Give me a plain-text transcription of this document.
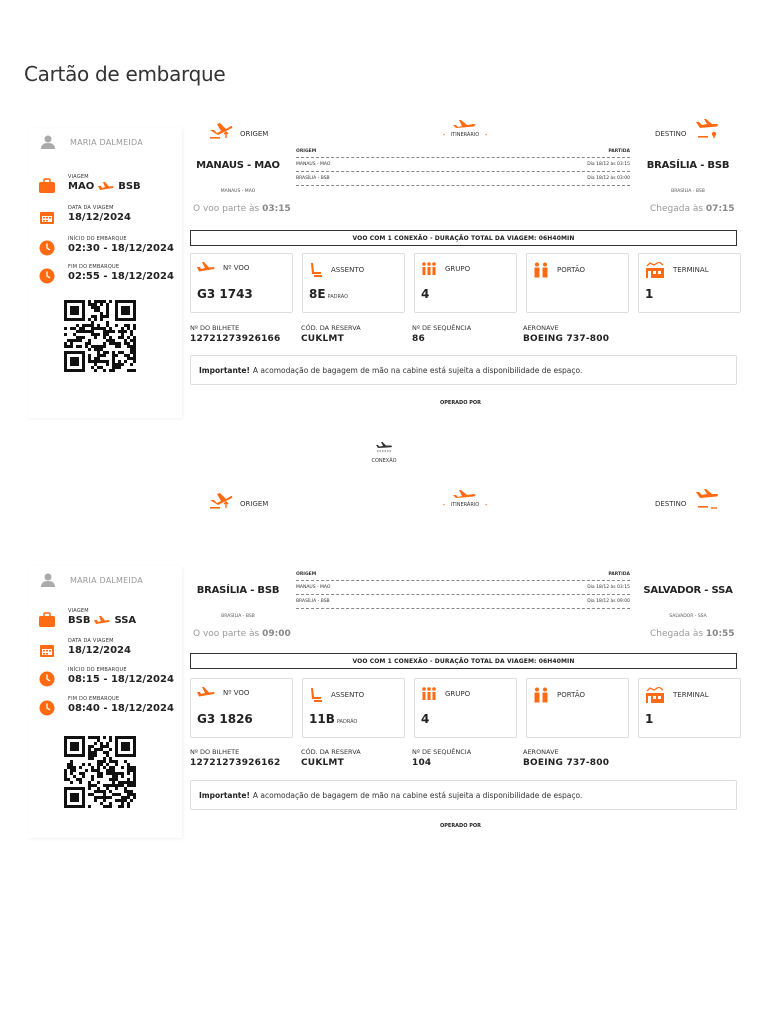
Cartão de embarque
ORIGEM	⬩ ITINERÁRIO ⬩	DESTINO
MARIA DALMEIDA
VIAGEM
MAO BSB
DATA DA VIAGEM
18/12/2024
INÍCIO DO EMBARQUE
02:30 - 18/12/2024
FIM DO EMBARQUE
02:55 - 18/12/2024
MANAUS - MAO
MANAUS - MAO
ORIGEM	PARTIDA
MANAUS - MAO	Dia 18/12 às 03:15
BRASÍLIA - BSB	Dia 18/12 às 03:00
BRASÍLIA - BSB
BRASÍLIA - BSB
O voo parte às 03:15	Chegada às 07:15
VOO COM 1 CONEXÃO - DURAÇÃO TOTAL DA VIAGEM: 06H40MIN
Nº VOO
G3 1743
ASSENTO
8E PADRÃO
GRUPO
4
PORTÃO	TERMINAL
1
Nº DO BILHETE
12721273926166
CÓD. DA RESERVA
CUKLMT
Nº DE SEQUÊNCIA
86
AERONAVE
BOEING 737-800
Importante! A acomodação de bagagem de mão na cabine está sujeita a disponibilidade de espaço.
OPERADO POR
CONEXÃO
ORIGEM	⬩ ITINERÁRIO ⬩	DESTINO
MARIA DALMEIDA
VIAGEM
BSB SSA
DATA DA VIAGEM
18/12/2024
INÍCIO DO EMBARQUE
08:15 - 18/12/2024
FIM DO EMBARQUE
08:40 - 18/12/2024
BRASÍLIA - BSB
BRASÍLIA - BSB
ORIGEM	PARTIDA
MANAUS - MAO	Dia 18/12 às 03:15
BRASÍLIA - BSB	Dia 18/12 às 09:00
SALVADOR - SSA
SALVADOR - SSA
O voo parte às 09:00	Chegada às 10:55
VOO COM 1 CONEXÃO - DURAÇÃO TOTAL DA VIAGEM: 06H40MIN
Nº VOO
G3 1826
ASSENTO
11B PADRÃO
GRUPO
4
PORTÃO	TERMINAL
1
Nº DO BILHETE
12721273926162
CÓD. DA RESERVA
CUKLMT
Nº DE SEQUÊNCIA
104
AERONAVE
BOEING 737-800
Importante! A acomodação de bagagem de mão na cabine está sujeita a disponibilidade de espaço.
OPERADO POR
